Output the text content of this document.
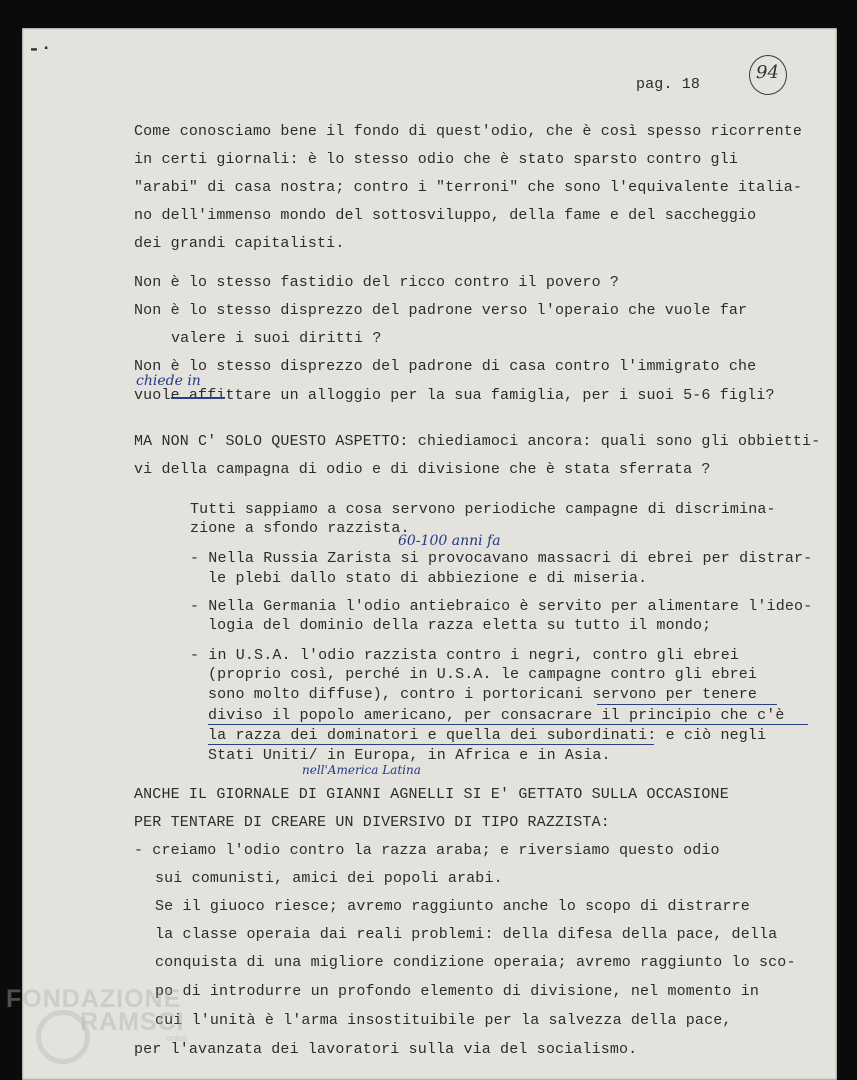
▬ ▪
pag. 18
94
Come conosciamo bene il fondo di quest'odio, che è così spesso ricorrente
in certi giornali: è lo stesso odio che è stato sparsto contro gli
"arabi" di casa nostra; contro i "terroni" che sono l'equivalente italia-
no dell'immenso mondo del sottosviluppo, della fame e del saccheggio
dei grandi capitalisti.
Non è lo stesso fastidio del ricco contro il povero ?
Non è lo stesso disprezzo del padrone verso l'operaio che vuole far
valere i suoi diritti ?
Non è lo stesso disprezzo del padrone di casa contro l'immigrato che
vuole affittare un alloggio per la sua famiglia, per i suoi 5-6 figli?
chiede in
MA NON C' SOLO QUESTO ASPETTO: chiediamoci ancora: quali sono gli obbietti-
vi della campagna di odio e di divisione che è stata sferrata ?
Tutti sappiamo a cosa servono periodiche campagne di discrimina-
zione a sfondo razzista.
60-100 anni fa
- Nella Russia Zarista si provocavano massacri di ebrei per distrar-
le plebi dallo stato di abbiezione e di miseria.
- Nella Germania l'odio antiebraico è servito per alimentare l'ideo-
logia del dominio della razza eletta su tutto il mondo;
- in U.S.A. l'odio razzista contro i negri, contro gli ebrei
(proprio così, perché in U.S.A. le campagne contro gli ebrei
sono molto diffuse), contro i portoricani servono per tenere
diviso il popolo americano, per consacrare il principio che c'è
la razza dei dominatori e quella dei subordinati: e ciò negli
Stati Uniti/ in Europa, in Africa e in Asia.
nell'America Latina
ANCHE IL GIORNALE DI GIANNI AGNELLI SI E' GETTATO SULLA OCCASIONE
PER TENTARE DI CREARE UN DIVERSIVO DI TIPO RAZZISTA:
- creiamo l'odio contro la razza araba; e riversiamo questo odio
sui comunisti, amici dei popoli arabi.
Se il giuoco riesce; avremo raggiunto anche lo scopo di distrarre
la classe operaia dai reali problemi: della difesa della pace, della
conquista di una migliore condizione operaia; avremo raggiunto lo sco-
po di introdurre un profondo elemento di divisione, nel momento in
cui l'unità è l'arma insostituibile per la salvezza della pace,
per l'avanzata dei lavoratori sulla via del socialismo.
FONDAZIONE
RAMSCI
onlus
